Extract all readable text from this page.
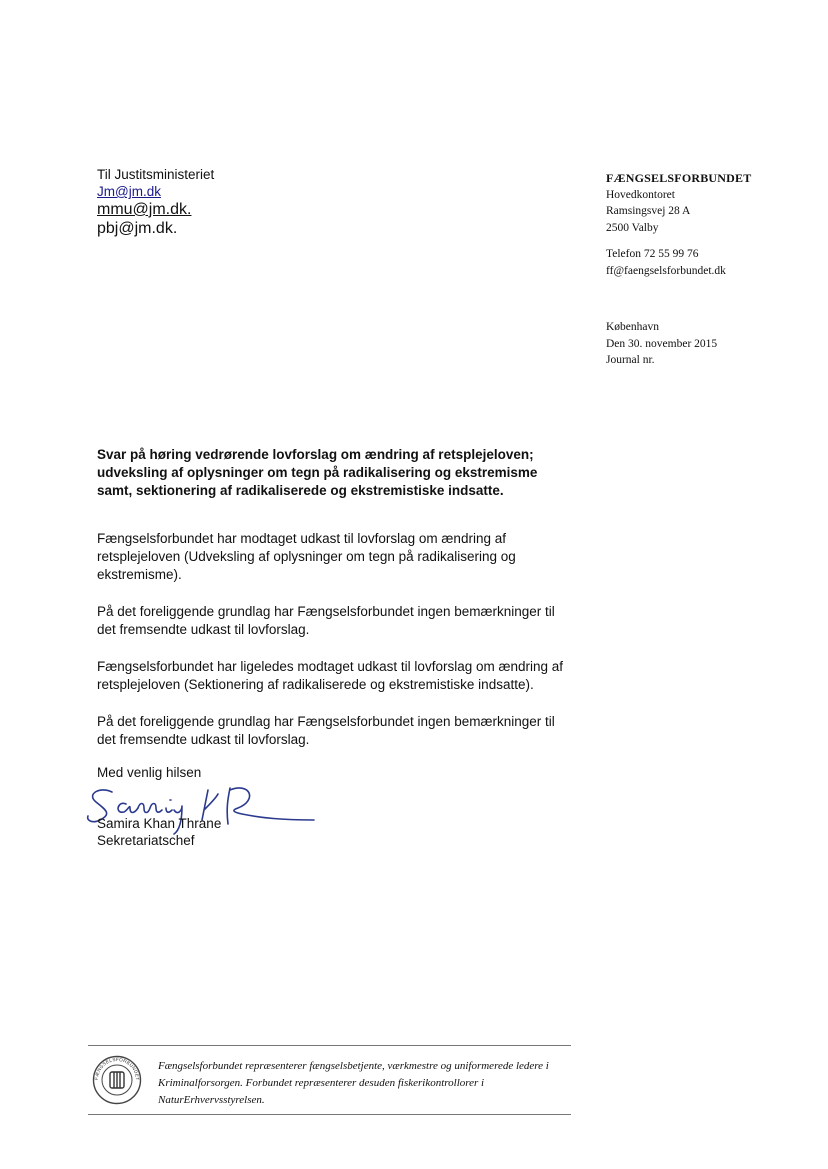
Til Justitsministeriet
Jm@jm.dk
mmu@jm.dk.
pbj@jm.dk.
FÆNGSELSFORBUNDET
Hovedkontoret
Ramsingsvej 28 A
2500 Valby
Telefon 72 55 99 76
ff@faengselsforbundet.dk
København
Den 30. november 2015
Journal nr.
Svar på høring vedrørende lovforslag om ændring af retsplejeloven; udveksling af oplysninger om tegn på radikalisering og ekstremisme samt, sektionering af radikaliserede og ekstremistiske indsatte.

Fængselsforbundet har modtaget udkast til lovforslag om ændring af retsplejeloven (Udveksling af oplysninger om tegn på radikalisering og ekstremisme).

På det foreliggende grundlag har Fængselsforbundet ingen bemærkninger til det fremsendte udkast til lovforslag.

Fængselsforbundet har ligeledes modtaget udkast til lovforslag om ændring af retsplejeloven (Sektionering af radikaliserede og ekstremistiske indsatte).

På det foreliggende grundlag har Fængselsforbundet ingen bemærkninger til det fremsendte udkast til lovforslag.

Med venlig hilsen
Samira Khan Thrane
Sekretariatschef
FÆNGSELSFORBUNDET
Fængselsforbundet repræsenterer fængselsbetjente, værkmestre og uniformerede ledere i Kriminalforsorgen. Forbundet repræsenterer desuden fiskerikontrollorer i NaturErhvervsstyrelsen.
